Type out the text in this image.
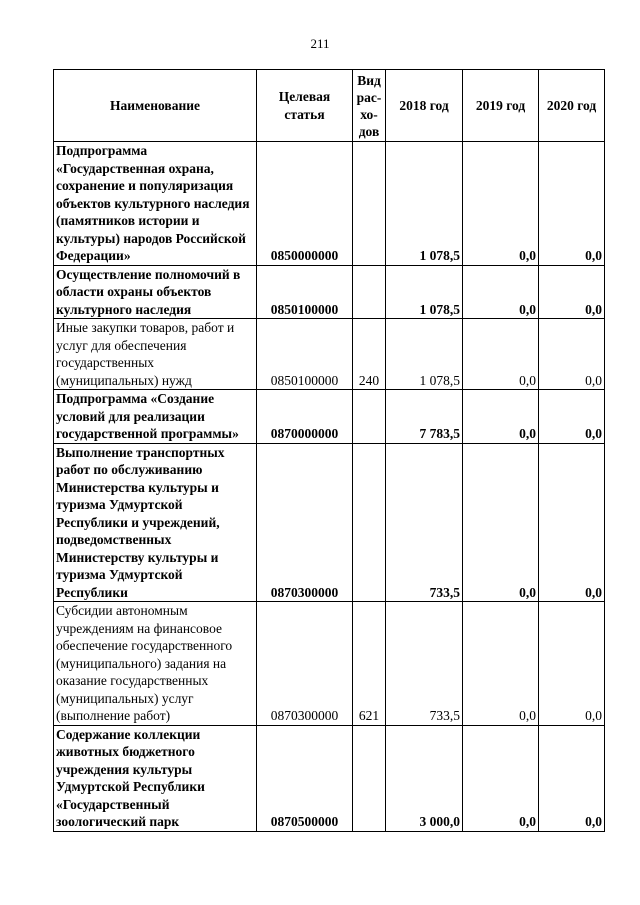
211
Наименование	Целевая статья	Вид рас-хо-дов	2018 год	2019 год	2020 год
Подпрограмма «Государственная охрана, сохранение и популяризация объектов культурного наследия (памятников истории и культуры) народов Российской Федерации»	0850000000		1 078,5	0,0	0,0
Осуществление полномочий в области охраны объектов культурного наследия	0850100000		1 078,5	0,0	0,0
Иные закупки товаров, работ и услуг для обеспечения государственных (муниципальных) нужд	0850100000	240	1 078,5	0,0	0,0
Подпрограмма «Создание условий для реализации государственной программы»	0870000000		7 783,5	0,0	0,0
Выполнение транспортных работ по обслуживанию Министерства культуры и туризма Удмуртской Республики и учреждений, подведомственных Министерству культуры и туризма Удмуртской Республики	0870300000		733,5	0,0	0,0
Субсидии автономным учреждениям на финансовое обеспечение государственного (муниципального) задания на оказание государственных (муниципальных) услуг (выполнение работ)	0870300000	621	733,5	0,0	0,0
Содержание коллекции животных бюджетного учреждения культуры Удмуртской Республики «Государственный зоологический парк	0870500000		3 000,0	0,0	0,0
